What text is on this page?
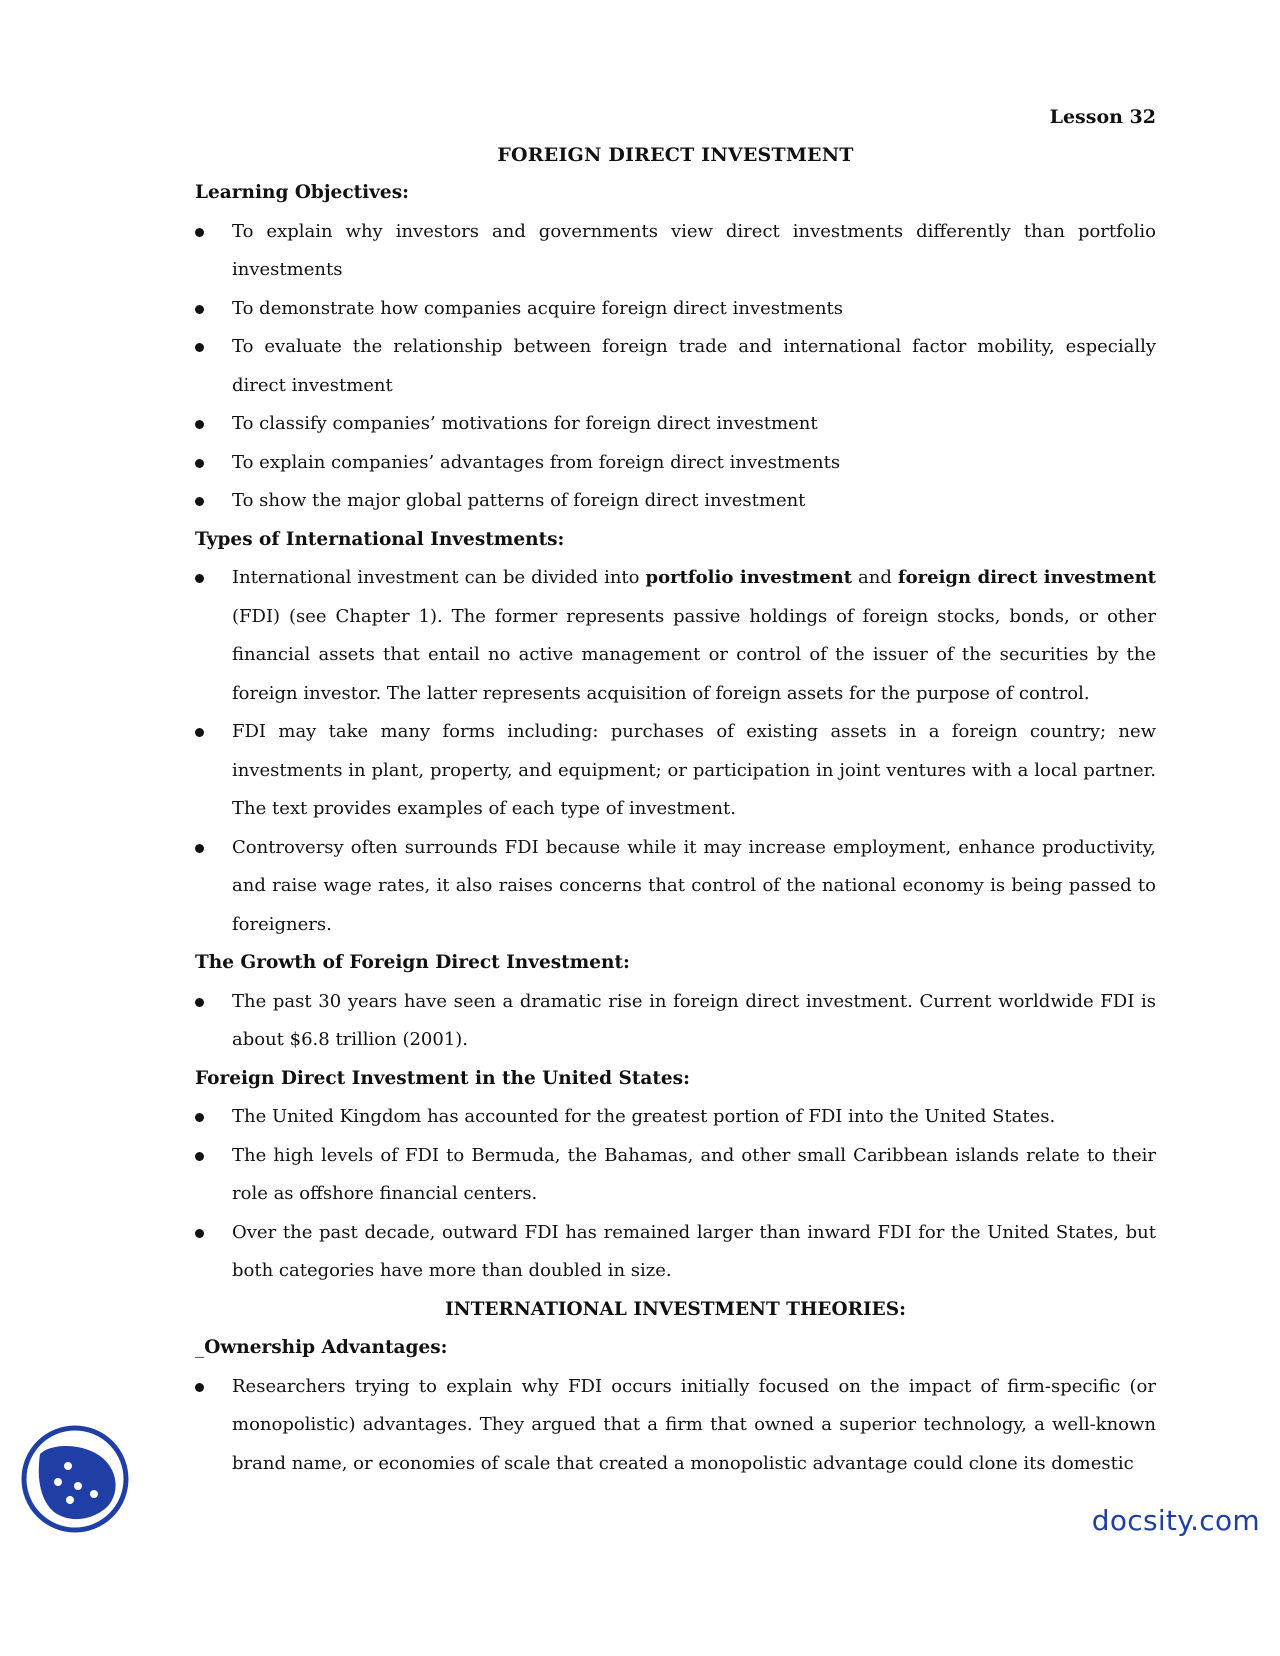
Lesson 32
FOREIGN DIRECT INVESTMENT
Learning Objectives:
To explain why investors and governments view direct investments differently than portfolio investments
To demonstrate how companies acquire foreign direct investments
To evaluate the relationship between foreign trade and international factor mobility, especially direct investment
To classify companies’ motivations for foreign direct investment
To explain companies’ advantages from foreign direct investments
To show the major global patterns of foreign direct investment
Types of International Investments:
International investment can be divided into portfolio investment and foreign direct investment (FDI) (see Chapter 1). The former represents passive holdings of foreign stocks, bonds, or other financial assets that entail no active management or control of the issuer of the securities by the foreign investor. The latter represents acquisition of foreign assets for the purpose of control.
FDI may take many forms including: purchases of existing assets in a foreign country; new investments in plant, property, and equipment; or participation in joint ventures with a local partner. The text provides examples of each type of investment.
Controversy often surrounds FDI because while it may increase employment, enhance productivity, and raise wage rates, it also raises concerns that control of the national economy is being passed to foreigners.
The Growth of Foreign Direct Investment:
The past 30 years have seen a dramatic rise in foreign direct investment. Current worldwide FDI is about $6.8 trillion (2001).
Foreign Direct Investment in the United States:
The United Kingdom has accounted for the greatest portion of FDI into the United States.
The high levels of FDI to Bermuda, the Bahamas, and other small Caribbean islands relate to their role as offshore financial centers.
Over the past decade, outward FDI has remained larger than inward FDI for the United States, but both categories have more than doubled in size.
INTERNATIONAL INVESTMENT THEORIES:
_Ownership Advantages:
Researchers trying to explain why FDI occurs initially focused on the impact of firm-specific (or monopolistic) advantages. They argued that a firm that owned a superior technology, a well-known brand name, or economies of scale that created a monopolistic advantage could clone its domestic
docsity.com
